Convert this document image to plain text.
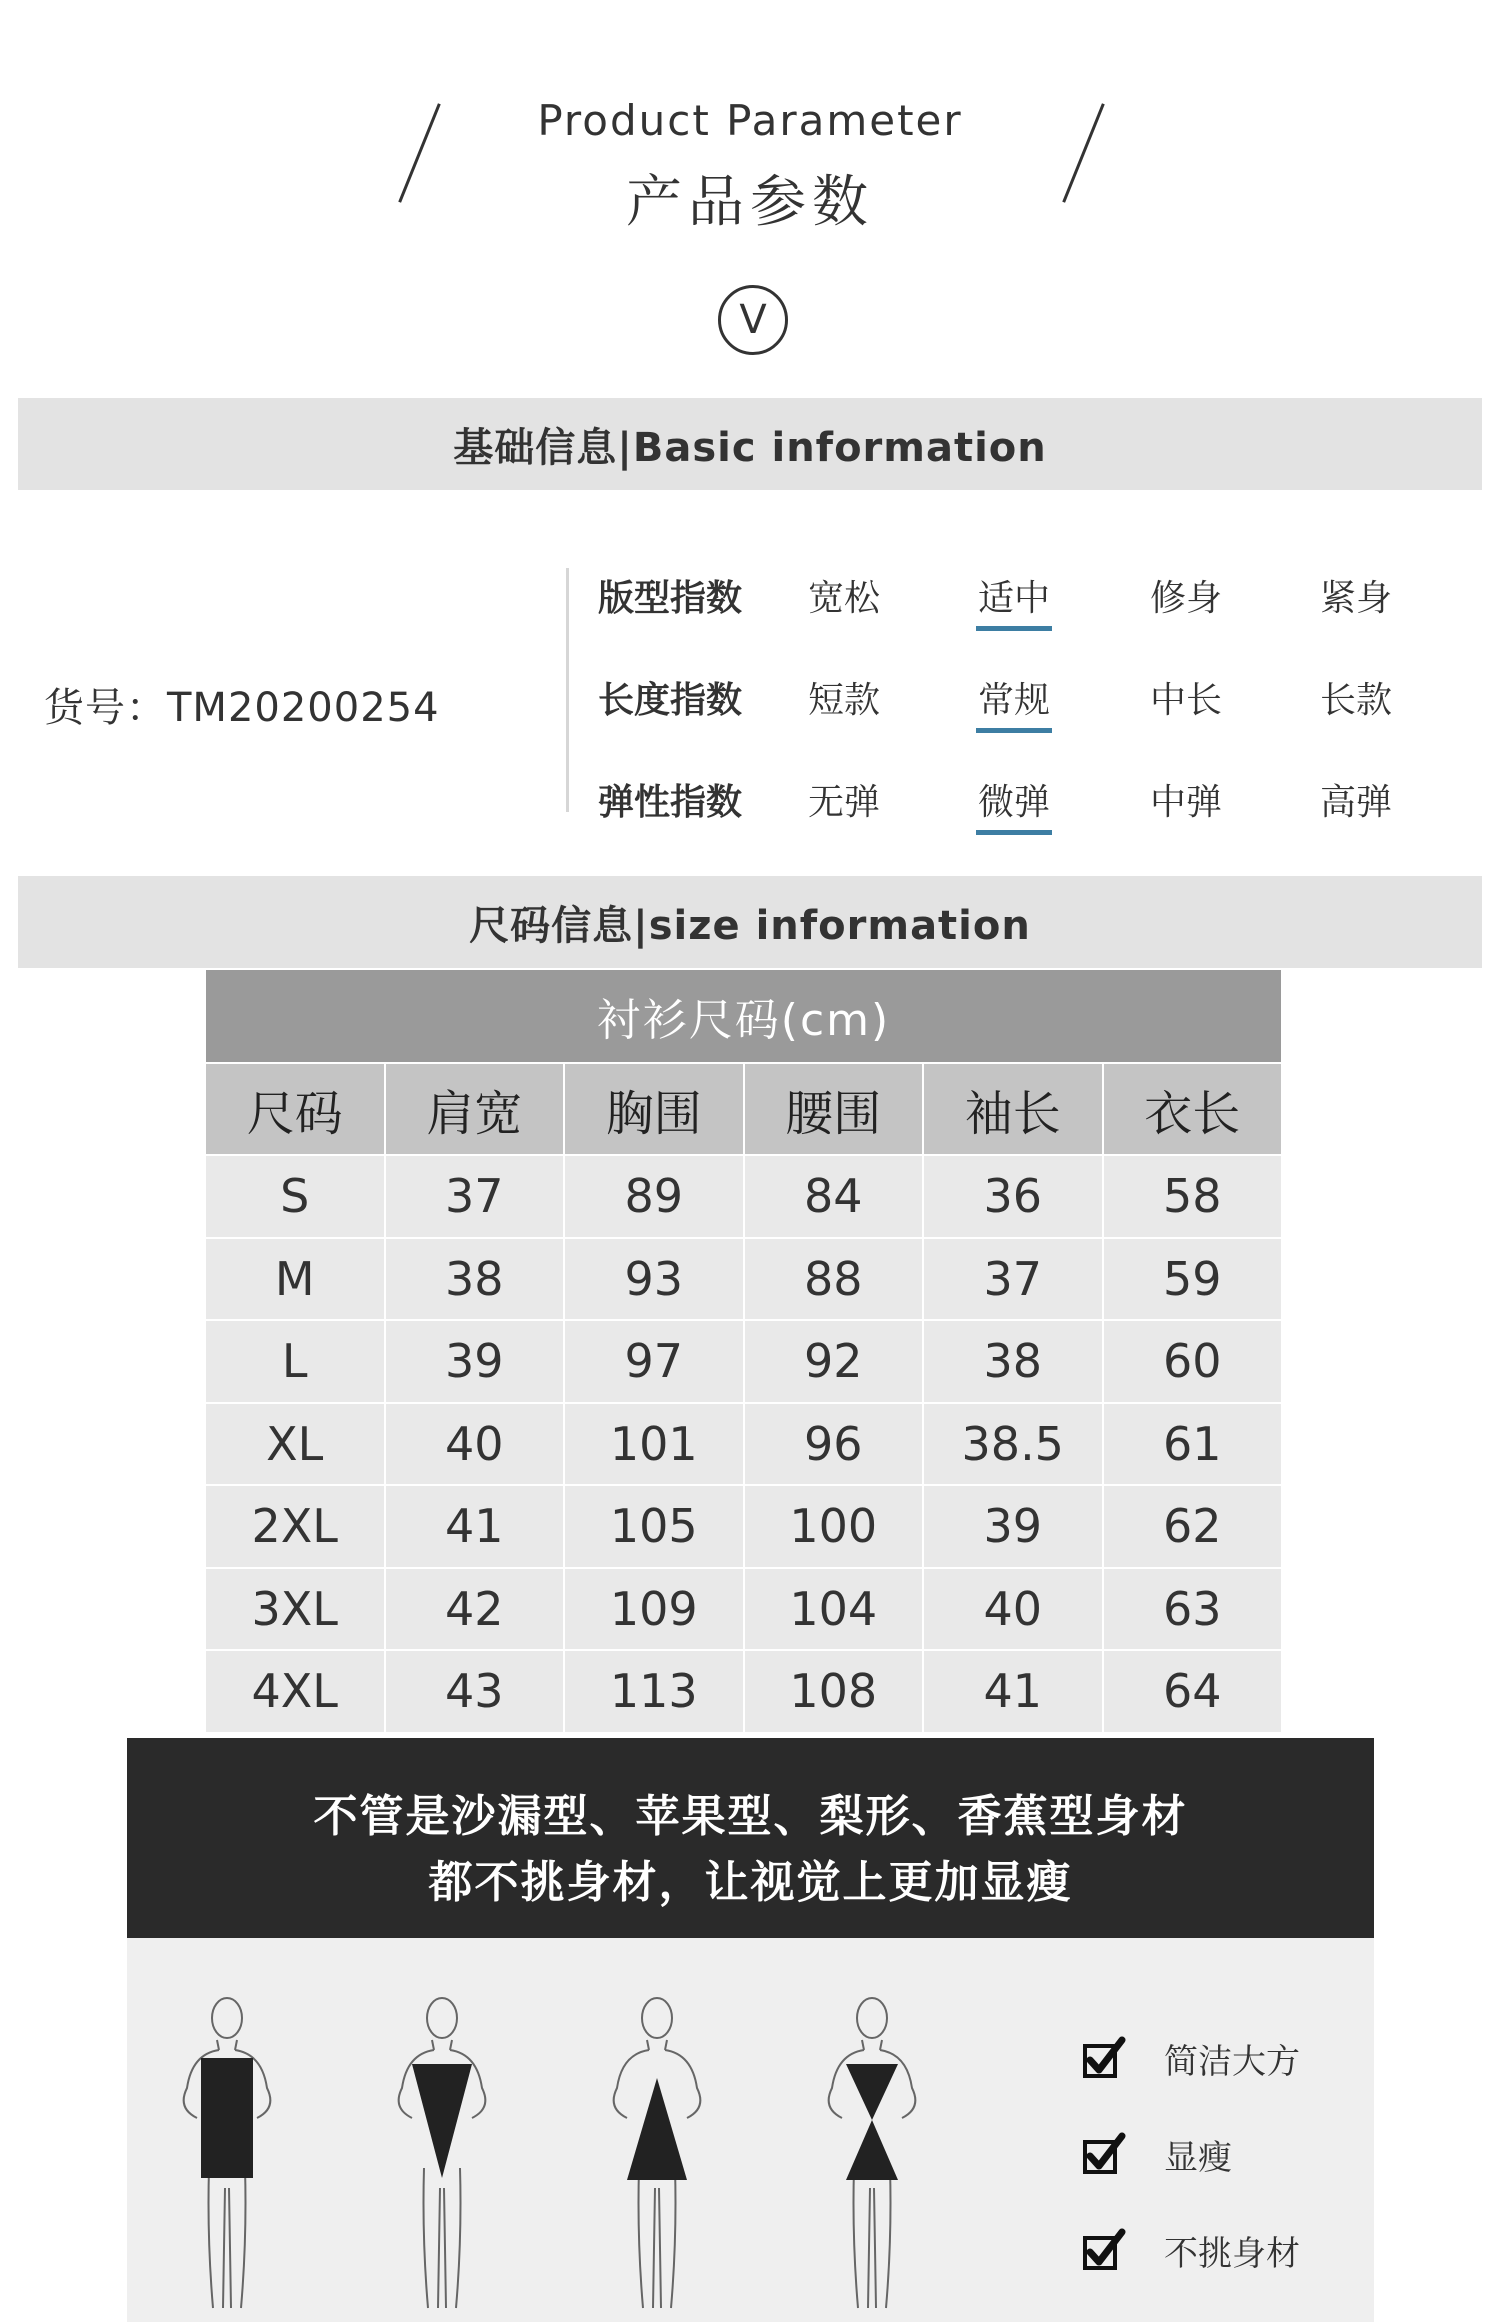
Product Parameter
产品参数
V
基础信息|Basic information
货号：TM20200254
版型指数 宽松	适中	修身	紧身
长度指数 短款	常规	中长	长款
弹性指数 无弹	微弹	中弹	高弹
尺码信息|size information
衬衫尺码(cm)
尺码	肩宽	胸围	腰围	袖长	衣长
S	37	89	84	36	58
M	38	93	88	37	59
L	39	97	92	38	60
XL	40	101	96	38.5	61
2XL	41	105	100	39	62
3XL	42	109	104	40	63
4XL	43	113	108	41	64
不管是沙漏型、苹果型、梨形、香蕉型身材
都不挑身材，让视觉上更加显瘦
简洁大方
显瘦
不挑身材
